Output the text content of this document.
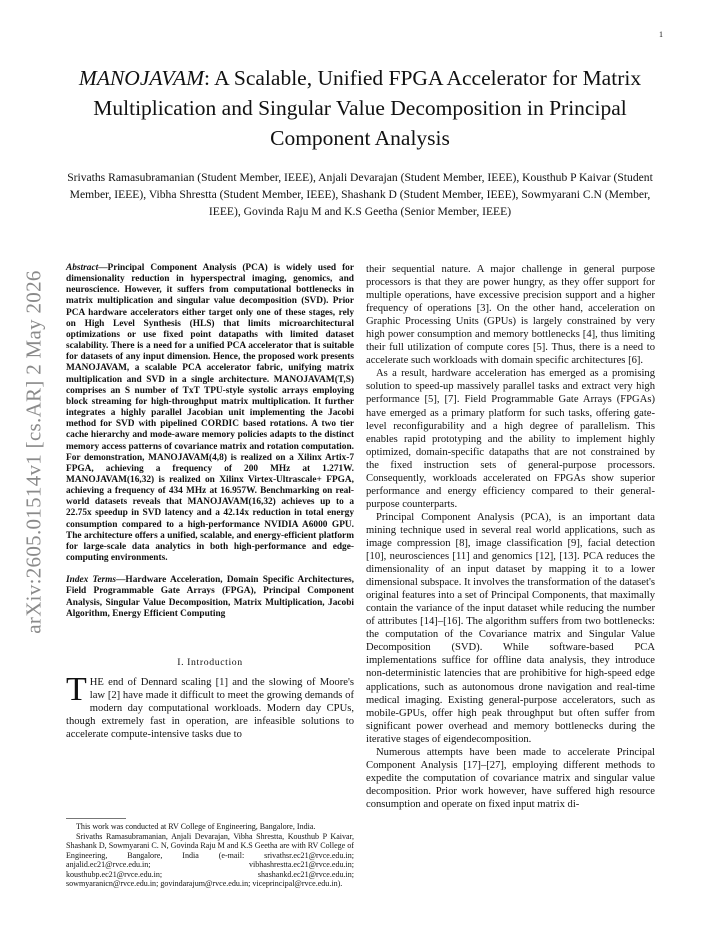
1
arXiv:2605.01514v1 [cs.AR] 2 May 2026
MANOJAVAM: A Scalable, Unified FPGA Accelerator for Matrix Multiplication and Singular Value Decomposition in Principal Component Analysis
Srivaths Ramasubramanian (Student Member, IEEE), Anjali Devarajan (Student Member, IEEE), Kousthub P Kaivar (Student Member, IEEE), Vibha Shrestta (Student Member, IEEE), Shashank D (Student Member, IEEE), Sowmyarani C.N (Member, IEEE), Govinda Raju M and K.S Geetha (Senior Member, IEEE)

Abstract—Principal Component Analysis (PCA) is widely used for dimensionality reduction in hyperspectral imaging, genomics, and neuroscience. However, it suffers from computational bottlenecks in matrix multiplication and singular value decomposition (SVD). Prior PCA hardware accelerators either target only one of these stages, rely on High Level Synthesis (HLS) that limits microarchitectural optimizations or use fixed point datapaths with limited dataset scalability. There is a need for a unified PCA accelerator that is suitable for datasets of any input dimension. Hence, the proposed work presents MANOJAVAM, a scalable PCA accelerator fabric, unifying matrix multiplication and SVD in a single architecture. MANOJAVAM(T,S) comprises an S number of TxT TPU-style systolic arrays employing block streaming for high-throughput matrix multiplication. It further integrates a highly parallel Jacobian unit implementing the Jacobi method for SVD with pipelined CORDIC based rotations. A two tier cache hierarchy and mode-aware memory policies adapts to the distinct memory access patterns of covariance matrix and rotation computation. For demonstration, MANOJAVAM(4,8) is realized on a Xilinx Artix-7 FPGA, achieving a frequency of 200 MHz at 1.271W. MANOJAVAM(16,32) is realized on Xilinx Virtex-Ultrascale+ FPGA, achieving a frequency of 434 MHz at 16.957W. Benchmarking on real-world datasets reveals that MANOJAVAM(16,32) achieves up to a 22.75x speedup in SVD latency and a 42.14x reduction in total energy consumption compared to a high-performance NVIDIA A6000 GPU. The architecture offers a unified, scalable, and energy-efficient platform for large-scale data analytics in both high-performance and edge-computing environments.

Index Terms—Hardware Acceleration, Domain Specific Architectures, Field Programmable Gate Arrays (FPGA), Principal Component Analysis, Singular Value Decomposition, Matrix Multiplication, Jacobi Algorithm, Energy Efficient Computing

I. Introduction

THE end of Dennard scaling [1] and the slowing of Moore's law [2] have made it difficult to meet the growing demands of modern day computational workloads. Modern day CPUs, though extremely fast in operation, are infeasible solutions to accelerate compute-intensive tasks due to

This work was conducted at RV College of Engineering, Bangalore, India.

Srivaths Ramasubramanian, Anjali Devarajan, Vibha Shrestta, Kousthub P Kaivar, Shashank D, Sowmyarani C. N, Govinda Raju M and K.S Geetha are with RV College of Engineering, Bangalore, India (e-mail: srivathsr.ec21@rvce.edu.in; anjalid.ec21@rvce.edu.in; vibhashrestta.ec21@rvce.edu.in; kousthubp.ec21@rvce.edu.in; shashankd.ec21@rvce.edu.in; sowmyaranicn@rvce.edu.in; govindarajum@rvce.edu.in; viceprincipal@rvce.edu.in).

their sequential nature. A major challenge in general purpose processors is that they are power hungry, as they offer support for multiple operations, have excessive precision support and a higher frequency of operations [3]. On the other hand, acceleration on Graphic Processing Units (GPUs) is largely constrained by very high power consumption and memory bottlenecks [4], thus limiting their full utilization of compute cores [5]. Thus, there is a need to accelerate such workloads with domain specific architectures [6].

As a result, hardware acceleration has emerged as a promising solution to speed-up massively parallel tasks and extract very high performance [5], [7]. Field Programmable Gate Arrays (FPGAs) have emerged as a primary platform for such tasks, offering gate-level reconfigurability and a high degree of parallelism. This enables rapid prototyping and the ability to implement highly optimized, domain-specific datapaths that are not constrained by the fixed instruction sets of general-purpose processors. Consequently, workloads accelerated on FPGAs show superior performance and energy efficiency compared to their general-purpose counterparts.

Principal Component Analysis (PCA), is an important data mining technique used in several real world applications, such as image compression [8], image classification [9], facial detection [10], neurosciences [11] and genomics [12], [13]. PCA reduces the dimensionality of an input dataset by mapping it to a lower dimensional subspace. It involves the transformation of the dataset's original features into a set of Principal Components, that maximally contain the variance of the input dataset while reducing the number of attributes [14]–[16]. The algorithm suffers from two bottlenecks: the computation of the Covariance matrix and Singular Value Decomposition (SVD). While software-based PCA implementations suffice for offline data analysis, they introduce non-deterministic latencies that are prohibitive for high-speed edge applications, such as autonomous drone navigation and real-time medical imaging. Existing general-purpose accelerators, such as mobile-GPUs, offer high peak throughput but often suffer from significant power overhead and memory bottlenecks during the iterative stages of eigendecomposition.

Numerous attempts have been made to accelerate Principal Component Analysis [17]–[27], employing different methods to expedite the computation of covariance matrix and singular value decomposition. Prior work however, have suffered high resource consumption and operate on fixed input matrix di-
